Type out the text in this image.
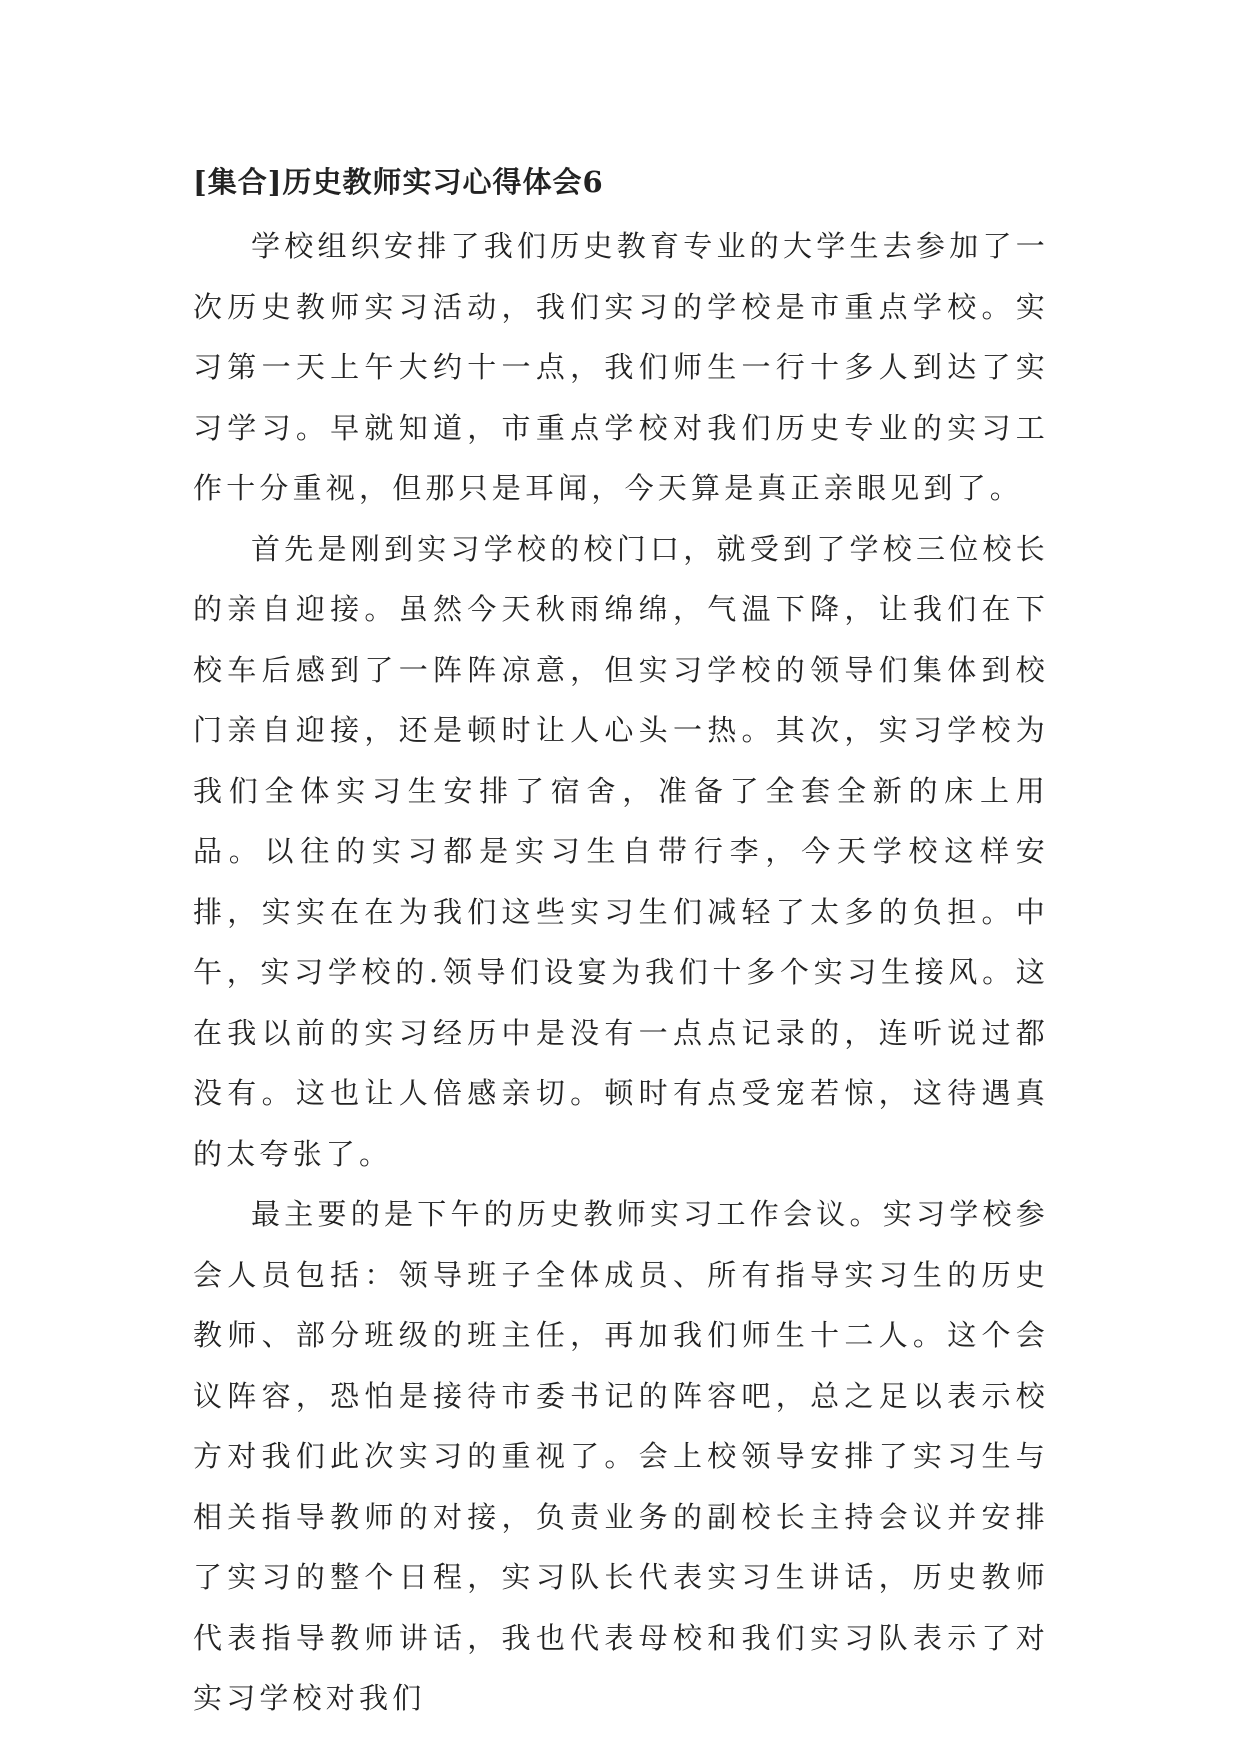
[集合]历史教师实习心得体会6

学校组织安排了我们历史教育专业的大学生去参加了一次历史教师实习活动，我们实习的学校是市重点学校。实习第一天上午大约十一点，我们师生一行十多人到达了实习学习。早就知道，市重点学校对我们历史专业的实习工作十分重视，但那只是耳闻，今天算是真正亲眼见到了。

首先是刚到实习学校的校门口，就受到了学校三位校长的亲自迎接。虽然今天秋雨绵绵，气温下降，让我们在下校车后感到了一阵阵凉意，但实习学校的领导们集体到校门亲自迎接，还是顿时让人心头一热。其次，实习学校为我们全体实习生安排了宿舍，准备了全套全新的床上用品。以往的实习都是实习生自带行李，今天学校这样安排，实实在在为我们这些实习生们减轻了太多的负担。中午，实习学校的.领导们设宴为我们十多个实习生接风。这在我以前的实习经历中是没有一点点记录的，连听说过都没有。这也让人倍感亲切。顿时有点受宠若惊，这待遇真的太夸张了。

最主要的是下午的历史教师实习工作会议。实习学校参会人员包括：领导班子全体成员、所有指导实习生的历史教师、部分班级的班主任，再加我们师生十二人。这个会议阵容，恐怕是接待市委书记的阵容吧，总之足以表示校方对我们此次实习的重视了。会上校领导安排了实习生与相关指导教师的对接，负责业务的副校长主持会议并安排了实习的整个日程，实习队长代表实习生讲话，历史教师代表指导教师讲话，我也代表母校和我们实习队表示了对实习学校对我们
